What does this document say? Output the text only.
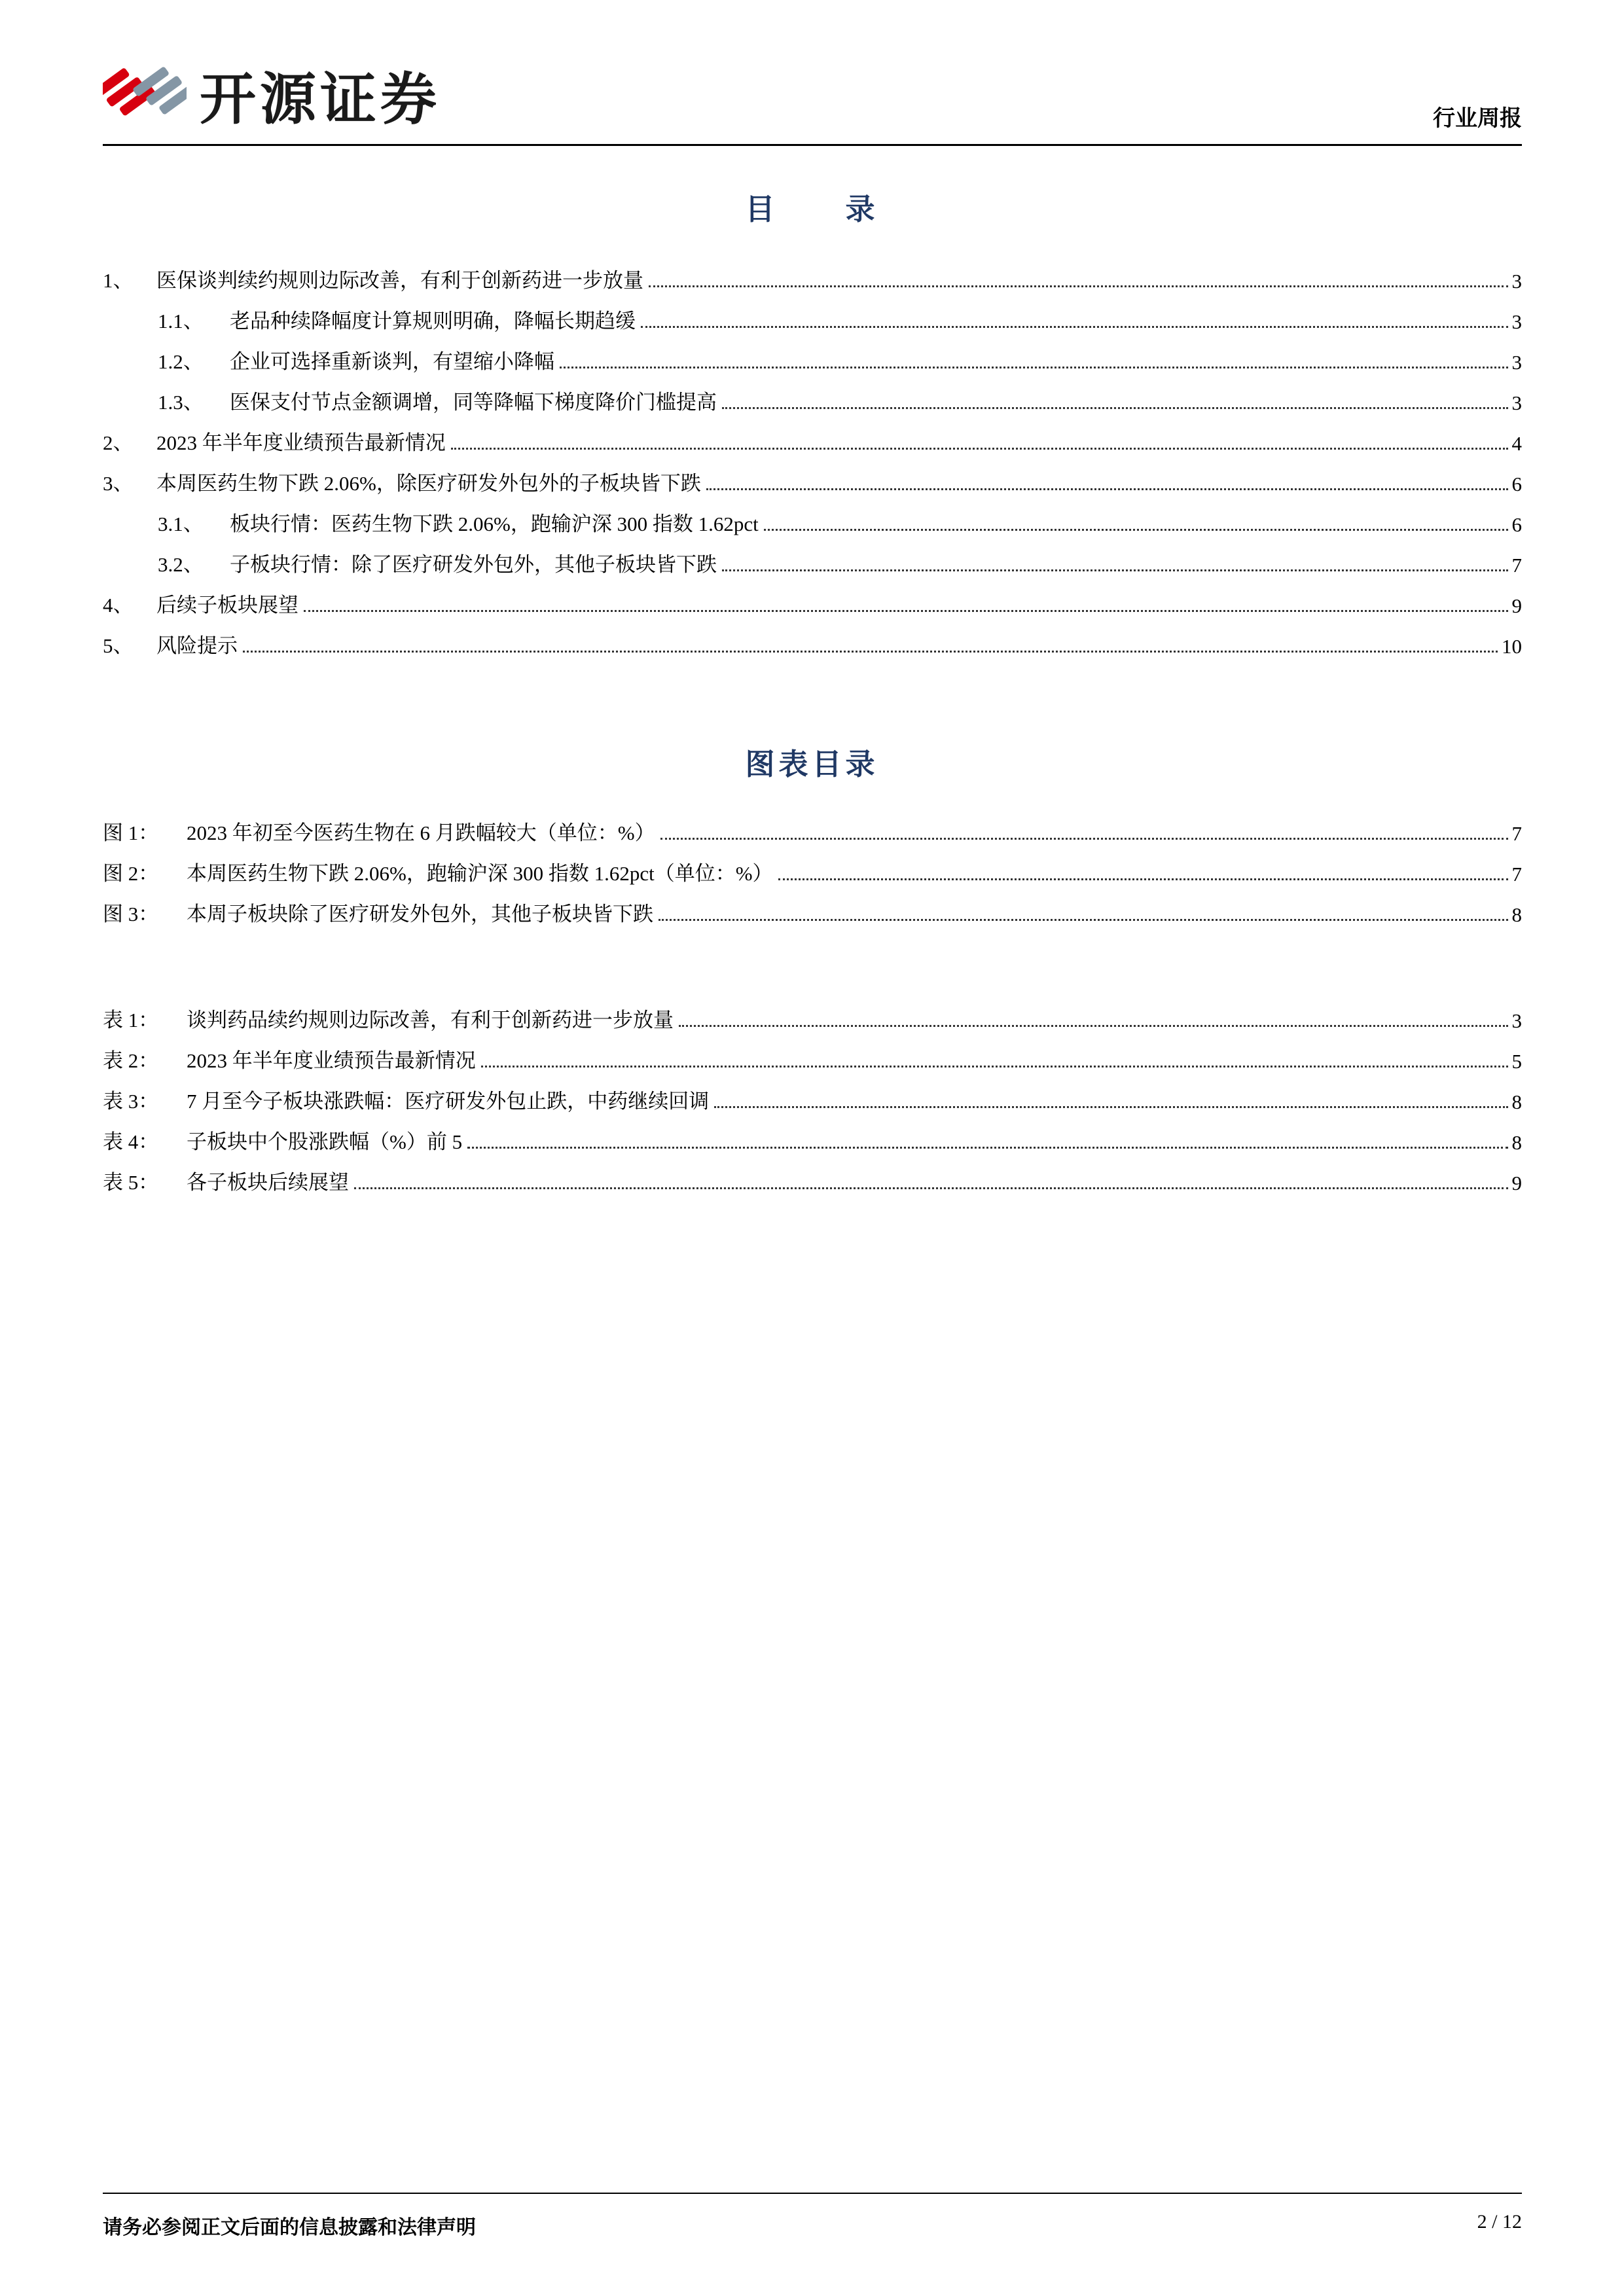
开源证券	行业周报
目　　录
1、	医保谈判续约规则边际改善，有利于创新药进一步放量	3
1.1、	老品种续降幅度计算规则明确，降幅长期趋缓	3
1.2、	企业可选择重新谈判，有望缩小降幅	3
1.3、	医保支付节点金额调增，同等降幅下梯度降价门槛提高	3
2、	2023 年半年度业绩预告最新情况	4
3、	本周医药生物下跌 2.06%，除医疗研发外包外的子板块皆下跌	6
3.1、	板块行情：医药生物下跌 2.06%，跑输沪深 300 指数 1.62pct	6
3.2、	子板块行情：除了医疗研发外包外，其他子板块皆下跌	7
4、	后续子板块展望	9
5、	风险提示	10
图表目录
图 1：	2023 年初至今医药生物在 6 月跌幅较大（单位：%）	7
图 2：	本周医药生物下跌 2.06%，跑输沪深 300 指数 1.62pct（单位：%）	7
图 3：	本周子板块除了医疗研发外包外，其他子板块皆下跌	8
表 1：	谈判药品续约规则边际改善，有利于创新药进一步放量	3
表 2：	2023 年半年度业绩预告最新情况	5
表 3：	7 月至今子板块涨跌幅：医疗研发外包止跌，中药继续回调	8
表 4：	子板块中个股涨跌幅（%）前 5	8
表 5：	各子板块后续展望	9
请务必参阅正文后面的信息披露和法律声明	2 / 12
